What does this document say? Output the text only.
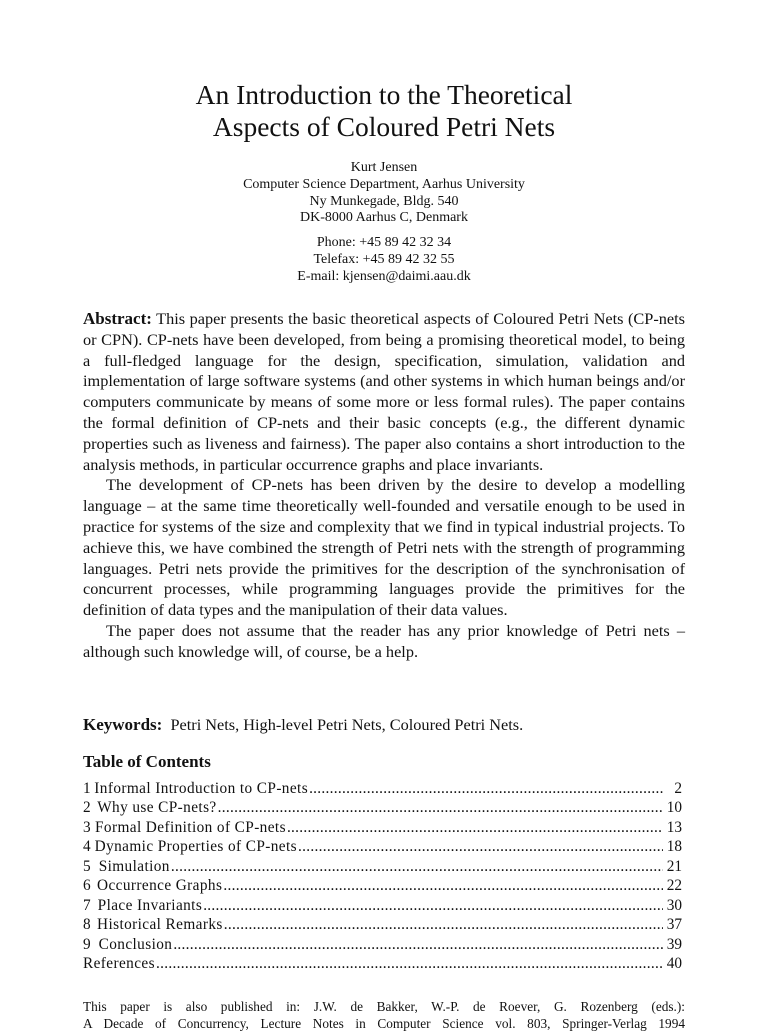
An Introduction to the Theoretical
Aspects of Coloured Petri Nets
Kurt Jensen
Computer Science Department, Aarhus University
Ny Munkegade, Bldg. 540
DK-8000 Aarhus C, Denmark
Phone: +45 89 42 32 34
Telefax: +45 89 42 32 55
E-mail: kjensen@daimi.aau.dk

Abstract: This paper presents the basic theoretical aspects of Coloured Petri Nets (CP-nets or CPN). CP-nets have been developed, from being a promising theoretical model, to being a full-fledged language for the design, specification, simulation, validation and implementation of large software systems (and other systems in which human beings and/or computers communicate by means of some more or less formal rules). The paper contains the formal definition of CP-nets and their basic concepts (e.g., the different dynamic properties such as liveness and fairness). The paper also contains a short introduction to the analysis methods, in particular occurrence graphs and place invariants.

The development of CP-nets has been driven by the desire to develop a modelling language – at the same time theoretically well-founded and versatile enough to be used in practice for systems of the size and complexity that we find in typical industrial projects. To achieve this, we have combined the strength of Petri nets with the strength of programming languages. Petri nets provide the primitives for the description of the synchronisation of concurrent processes, while programming languages provide the primitives for the definition of data types and the manipulation of their data values.

The paper does not assume that the reader has any prior knowledge of Petri nets – although such knowledge will, of course, be a help.

Keywords: Petri Nets, High-level Petri Nets, Coloured Petri Nets.
Table of Contents
1 Informal Introduction to CP-nets .....	2
2 Why use CP-nets? .....	10
3 Formal Definition of CP-nets .....	13
4 Dynamic Properties of CP-nets .....	18
5 Simulation .....	21
6 Occurrence Graphs .....	22
7 Place Invariants .....	30
8 Historical Remarks .....	37
9 Conclusion .....	39
References .....	40
This paper is also published in: J.W. de Bakker, W.-P. de Roever, G. Rozenberg (eds.):
A Decade of Concurrency, Lecture Notes in Computer Science vol. 803, Springer-Verlag 1994
